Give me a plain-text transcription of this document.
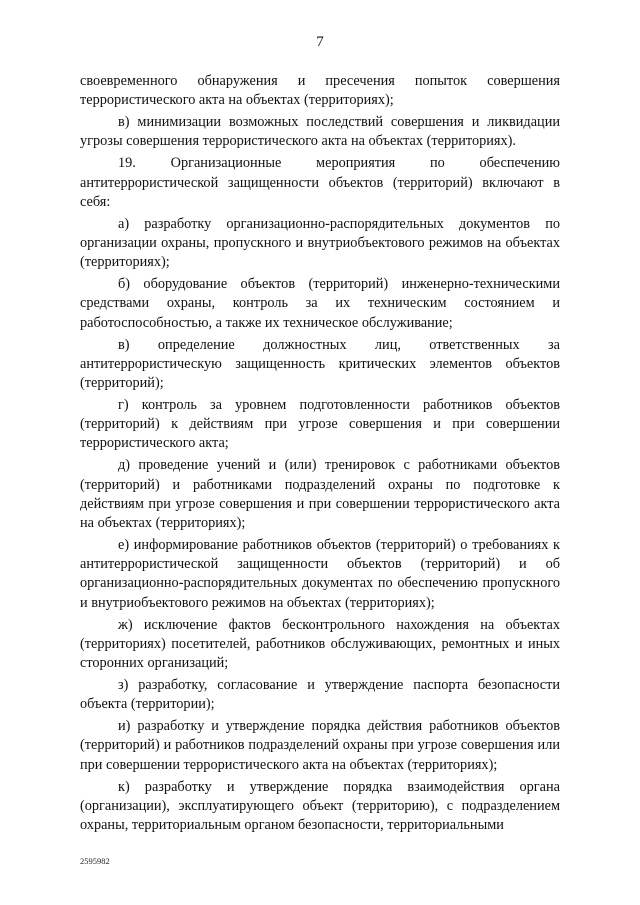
7

своевременного обнаружения и пресечения попыток совершения террористического акта на объектах (территориях);

в) минимизации возможных последствий совершения и ликвидации угрозы совершения террористического акта на объектах (территориях).

19. Организационные мероприятия по обеспечению антитеррористической защищенности объектов (территорий) включают в себя:

а) разработку организационно-распорядительных документов по организации охраны, пропускного и внутриобъектового режимов на объектах (территориях);

б) оборудование объектов (территорий) инженерно-техническими средствами охраны, контроль за их техническим состоянием и работоспособностью, а также их техническое обслуживание;

в) определение должностных лиц, ответственных за антитеррористическую защищенность критических элементов объектов (территорий);

г) контроль за уровнем подготовленности работников объектов (территорий) к действиям при угрозе совершения и при совершении террористического акта;

д) проведение учений и (или) тренировок с работниками объектов (территорий) и работниками подразделений охраны по подготовке к действиям при угрозе совершения и при совершении террористического акта на объектах (территориях);

е) информирование работников объектов (территорий) о требованиях к антитеррористической защищенности объектов (территорий) и об организационно-распорядительных документах по обеспечению пропускного и внутриобъектового режимов на объектах (территориях);

ж) исключение фактов бесконтрольного нахождения на объектах (территориях) посетителей, работников обслуживающих, ремонтных и иных сторонних организаций;

з) разработку, согласование и утверждение паспорта безопасности объекта (территории);

и) разработку и утверждение порядка действия работников объектов (территорий) и работников подразделений охраны при угрозе совершения или при совершении террористического акта на объектах (территориях);

к) разработку и утверждение порядка взаимодействия органа (организации), эксплуатирующего объект (территорию), с подразделением охраны, территориальным органом безопасности, территориальными

2595982
